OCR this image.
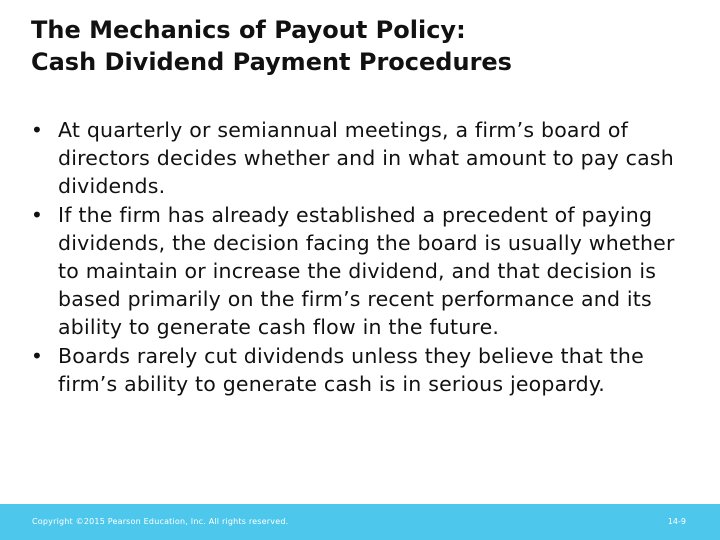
The Mechanics of Payout Policy:
Cash Dividend Payment Procedures
• At quarterly or semiannual meetings, a firm’s board of directors decides whether and in what amount to pay cash dividends.
• If the firm has already established a precedent of paying dividends, the decision facing the board is usually whether to maintain or increase the dividend, and that decision is based primarily on the firm’s recent performance and its ability to generate cash flow in the future.
• Boards rarely cut dividends unless they believe that the firm’s ability to generate cash is in serious jeopardy.
Copyright ©2015 Pearson Education, Inc. All rights reserved.	14-9
